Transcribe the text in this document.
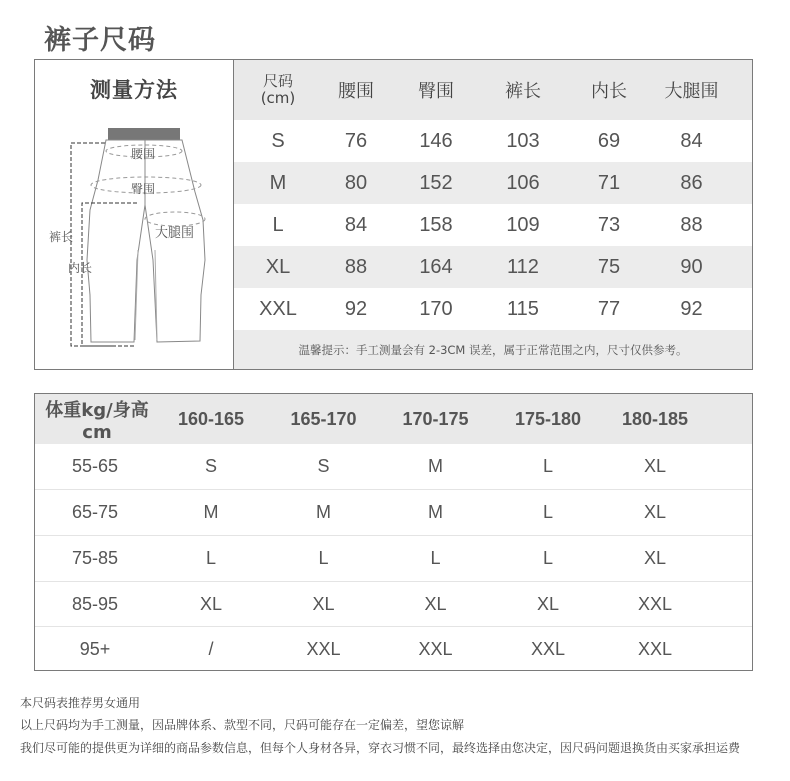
裤子尺码
测量方法
腰围
臀围
裤长
内长
大腿围
尺码
(cm)	腰围	臀围	裤长	内长	大腿围
S	76	146	103	69	84
M	80	152	106	71	86
L	84	158	109	73	88
XL	88	164	112	75	90
XXL	92	170	115	77	92
温馨提示：手工测量会有 2-3CM 误差，属于正常范围之内，尺寸仅供参考。
体重kg/身高cm
160-165	165-170	170-175	175-180	180-185
55-65	S	S	M	L	XL
65-75	M	M	M	L	XL
75-85	L	L	L	L	XL
85-95	XL	XL	XL	XL	XXL
95+	/	XXL	XXL	XXL	XXL
本尺码表推荐男女通用
以上尺码均为手工测量，因品牌体系、款型不同，尺码可能存在一定偏差，望您谅解
我们尽可能的提供更为详细的商品参数信息，但每个人身材各异，穿衣习惯不同，最终选择由您决定，因尺码问题退换货由买家承担运费
